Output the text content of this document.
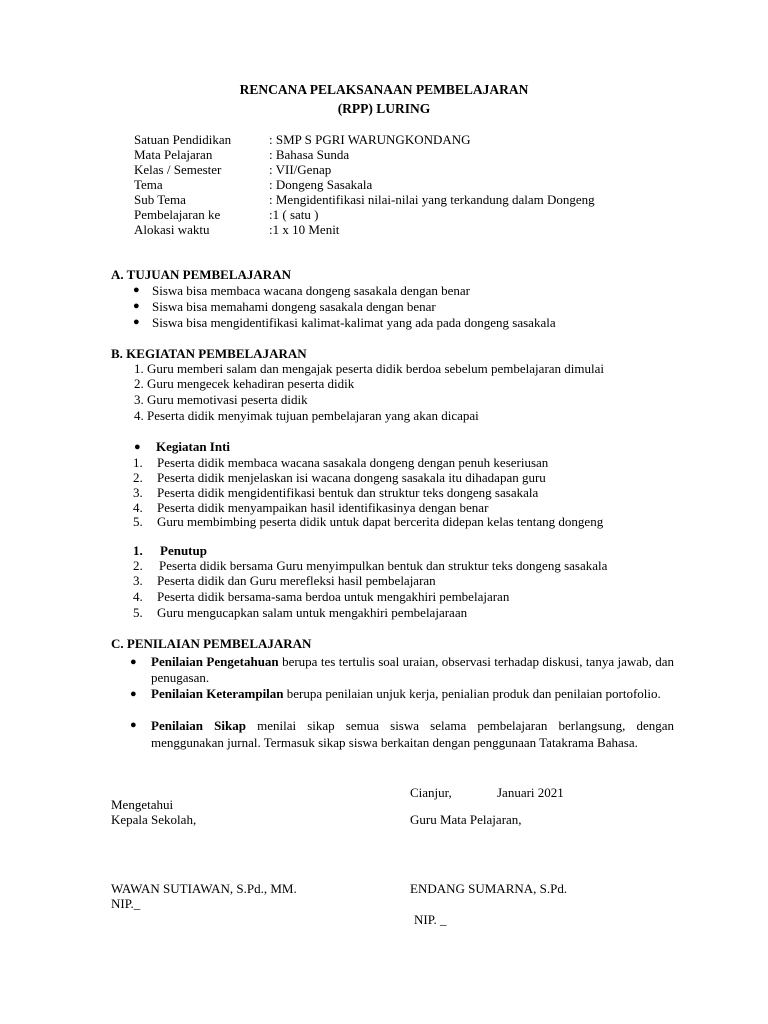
RENCANA PELAKSANAAN PEMBELAJARAN
(RPP) LURING
Satuan Pendidikan	: SMP S PGRI WARUNGKONDANG
Mata Pelajaran	: Bahasa Sunda
Kelas / Semester	: VII/Genap
Tema	: Dongeng Sasakala
Sub Tema	: Mengidentifikasi nilai-nilai yang terkandung dalam Dongeng
Pembelajaran ke	:1 ( satu )
Alokasi waktu	:1 x 10 Menit
A. TUJUAN PEMBELAJARAN
● Siswa bisa membaca wacana dongeng sasakala dengan benar
● Siswa bisa memahami dongeng sasakala dengan benar
● Siswa bisa mengidentifikasi kalimat-kalimat yang ada pada dongeng sasakala
B. KEGIATAN PEMBELAJARAN
1. Guru memberi salam dan mengajak peserta didik berdoa sebelum pembelajaran dimulai
2. Guru mengecek kehadiran peserta didik
3. Guru memotivasi peserta didik
4. Peserta didik menyimak tujuan pembelajaran yang akan dicapai
● Kegiatan Inti
1. Peserta didik membaca wacana sasakala dongeng dengan penuh keseriusan
2. Peserta didik menjelaskan isi wacana dongeng sasakala itu dihadapan guru
3. Peserta didik mengidentifikasi bentuk dan struktur teks dongeng sasakala
4. Peserta didik menyampaikan hasil identifikasinya dengan benar
5. Guru membimbing peserta didik untuk dapat bercerita didepan kelas tentang dongeng
1. Penutup
2. Peserta didik bersama Guru menyimpulkan bentuk dan struktur teks dongeng sasakala
3. Peserta didik dan Guru merefleksi hasil pembelajaran
4. Peserta didik bersama-sama berdoa untuk mengakhiri pembelajaran
5. Guru mengucapkan salam untuk mengakhiri pembelajaraan
C. PENILAIAN PEMBELAJARAN
● Penilaian Pengetahuan berupa tes tertulis soal uraian, observasi terhadap diskusi, tanya jawab, dan penugasan.
● Penilaian Keterampilan berupa penilaian unjuk kerja, penialian produk dan penilaian portofolio.
● Penilaian Sikap menilai sikap semua siswa selama pembelajaran berlangsung, dengan menggunakan jurnal. Termasuk sikap siswa berkaitan dengan penggunaan Tatakrama Bahasa.
Cianjur,	Januari 2021
Mengetahui
Kepala Sekolah,	Guru Mata Pelajaran,
WAWAN SUTIAWAN, S.Pd., MM.	ENDANG SUMARNA, S.Pd.
NIP._
NIP. _
